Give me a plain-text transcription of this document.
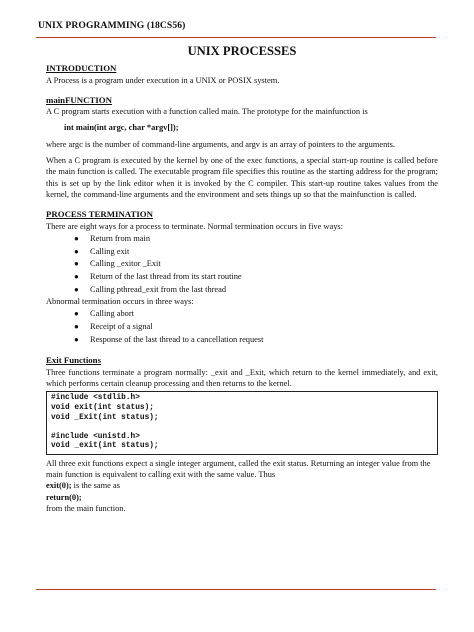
UNIX PROGRAMMING (18CS56)
UNIX PROCESSES

INTRODUCTION

A Process is a program under execution in a UNIX or POSIX system.

mainFUNCTION

A C program starts execution with a function called main. The prototype for the mainfunction is

int main(int argc, char *argv[]);

where argc is the number of command-line arguments, and argv is an array of pointers to the arguments.

When a C program is executed by the kernel by one of the exec functions, a special start-up routine is called before the main function is called. The executable program file specifies this routine as the starting address for the program; this is set up by the link editor when it is invoked by the C compiler. This start-up routine takes values from the kernel, the command-line arguments and the environment and sets things up so that the mainfunction is called.

PROCESS TERMINATION

There are eight ways for a process to terminate. Normal termination occurs in five ways:

● Return from main
● Calling exit
● Calling _exitor _Exit
● Return of the last thread from its start routine
● Calling pthread_exit from the last thread

Abnormal termination occurs in three ways:

● Calling abort
● Receipt of a signal
● Response of the last thread to a cancellation request

Exit Functions

Three functions terminate a program normally: _exit and _Exit, which return to the kernel immediately, and exit, which performs certain cleanup processing and then returns to the kernel.

#include <stdlib.h>
void exit(int status);
void _Exit(int status);
#include <unistd.h>
void _exit(int status);

All three exit functions expect a single integer argument, called the exit status. Returning an integer value from the

main function is equivalent to calling exit with the same value. Thus

exit(0); is the same as

return(0);

from the main function.
